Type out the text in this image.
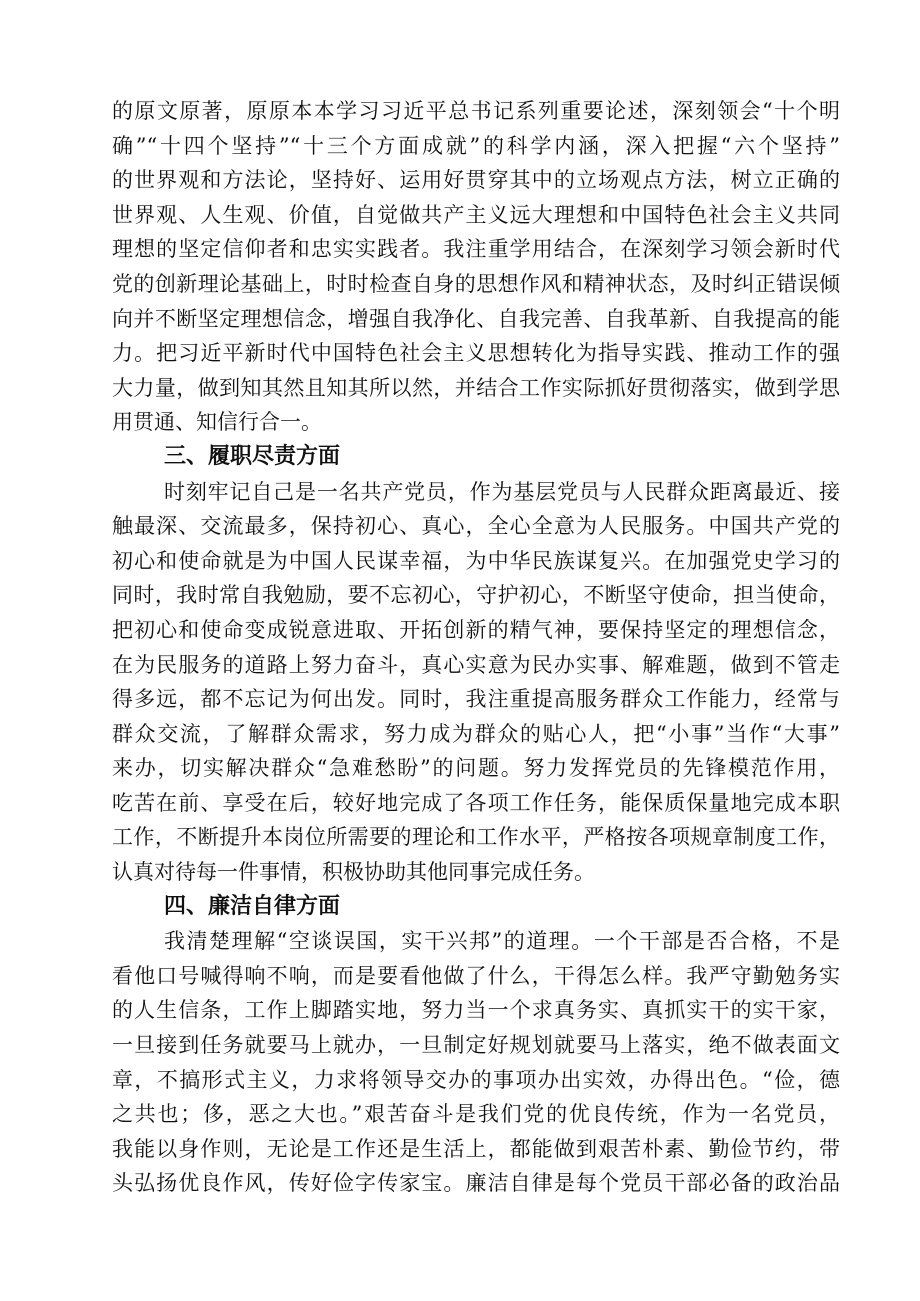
的原文原著，原原本本学习习近平总书记系列重要论述，深刻领会“十个明
确”“十四个坚持”“十三个方面成就”的科学内涵，深入把握“六个坚持”
的世界观和方法论，坚持好、运用好贯穿其中的立场观点方法，树立正确的
世界观、人生观、价值，自觉做共产主义远大理想和中国特色社会主义共同
理想的坚定信仰者和忠实实践者。我注重学用结合，在深刻学习领会新时代
党的创新理论基础上，时时检查自身的思想作风和精神状态，及时纠正错误倾
向并不断坚定理想信念，增强自我净化、自我完善、自我革新、自我提高的能
力。把习近平新时代中国特色社会主义思想转化为指导实践、推动工作的强
大力量，做到知其然且知其所以然，并结合工作实际抓好贯彻落实，做到学思
用贯通、知信行合一。
三、履职尽责方面
时刻牢记自己是一名共产党员，作为基层党员与人民群众距离最近、接
触最深、交流最多，保持初心、真心，全心全意为人民服务。中国共产党的
初心和使命就是为中国人民谋幸福，为中华民族谋复兴。在加强党史学习的
同时，我时常自我勉励，要不忘初心，守护初心，不断坚守使命，担当使命，
把初心和使命变成锐意进取、开拓创新的精气神，要保持坚定的理想信念，
在为民服务的道路上努力奋斗，真心实意为民办实事、解难题，做到不管走
得多远，都不忘记为何出发。同时，我注重提高服务群众工作能力，经常与
群众交流，了解群众需求，努力成为群众的贴心人，把“小事”当作“大事”
来办，切实解决群众“急难愁盼”的问题。努力发挥党员的先锋模范作用，
吃苦在前、享受在后，较好地完成了各项工作任务，能保质保量地完成本职
工作，不断提升本岗位所需要的理论和工作水平，严格按各项规章制度工作，
认真对待每一件事情，积极协助其他同事完成任务。
四、廉洁自律方面
我清楚理解“空谈误国，实干兴邦”的道理。一个干部是否合格，不是
看他口号喊得响不响，而是要看他做了什么，干得怎么样。我严守勤勉务实
的人生信条，工作上脚踏实地，努力当一个求真务实、真抓实干的实干家，
一旦接到任务就要马上就办，一旦制定好规划就要马上落实，绝不做表面文
章，不搞形式主义，力求将领导交办的事项办出实效，办得出色。“俭，德
之共也；侈，恶之大也。”艰苦奋斗是我们党的优良传统，作为一名党员，
我能以身作则，无论是工作还是生活上，都能做到艰苦朴素、勤俭节约，带
头弘扬优良作风，传好俭字传家宝。廉洁自律是每个党员干部必备的政治品
